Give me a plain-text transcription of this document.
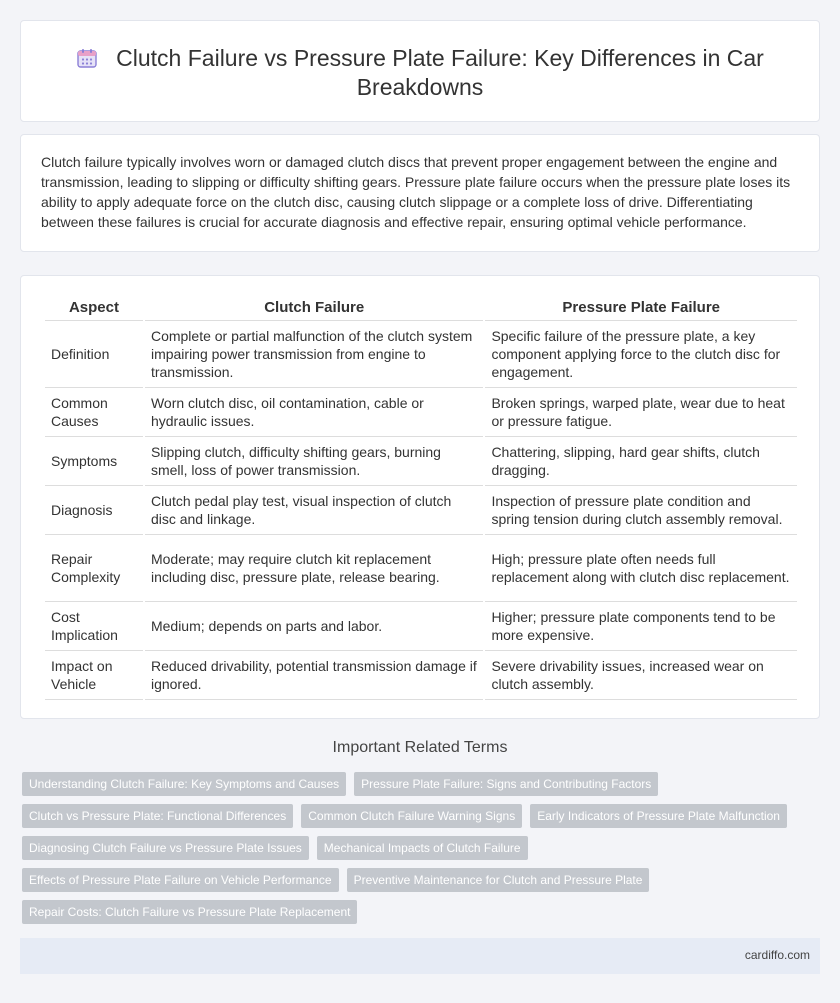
Clutch Failure vs Pressure Plate Failure: Key Differences in Car Breakdowns

Clutch failure typically involves worn or damaged clutch discs that prevent proper engagement between the engine and transmission, leading to slipping or difficulty shifting gears. Pressure plate failure occurs when the pressure plate loses its ability to apply adequate force on the clutch disc, causing clutch slippage or a complete loss of drive. Differentiating between these failures is crucial for accurate diagnosis and effective repair, ensuring optimal vehicle performance.

Aspect	Clutch Failure	Pressure Plate Failure
Definition	Complete or partial malfunction of the clutch system impairing power transmission from engine to transmission.	Specific failure of the pressure plate, a key component applying force to the clutch disc for engagement.
Common Causes	Worn clutch disc, oil contamination, cable or hydraulic issues.	Broken springs, warped plate, wear due to heat or pressure fatigue.
Symptoms	Slipping clutch, difficulty shifting gears, burning smell, loss of power transmission.	Chattering, slipping, hard gear shifts, clutch dragging.
Diagnosis	Clutch pedal play test, visual inspection of clutch disc and linkage.	Inspection of pressure plate condition and spring tension during clutch assembly removal.
Repair Complexity	Moderate; may require clutch kit replacement including disc, pressure plate, release bearing.	High; pressure plate often needs full replacement along with clutch disc replacement.
Cost Implication	Medium; depends on parts and labor.	Higher; pressure plate components tend to be more expensive.
Impact on Vehicle	Reduced drivability, potential transmission damage if ignored.	Severe drivability issues, increased wear on clutch assembly.
Important Related Terms
Understanding Clutch Failure: Key Symptoms and Causes	Pressure Plate Failure: Signs and Contributing Factors
Clutch vs Pressure Plate: Functional Differences	Common Clutch Failure Warning Signs	Early Indicators of Pressure Plate Malfunction
Diagnosing Clutch Failure vs Pressure Plate Issues	Mechanical Impacts of Clutch Failure
Effects of Pressure Plate Failure on Vehicle Performance	Preventive Maintenance for Clutch and Pressure Plate
Repair Costs: Clutch Failure vs Pressure Plate Replacement
cardiffo.com
